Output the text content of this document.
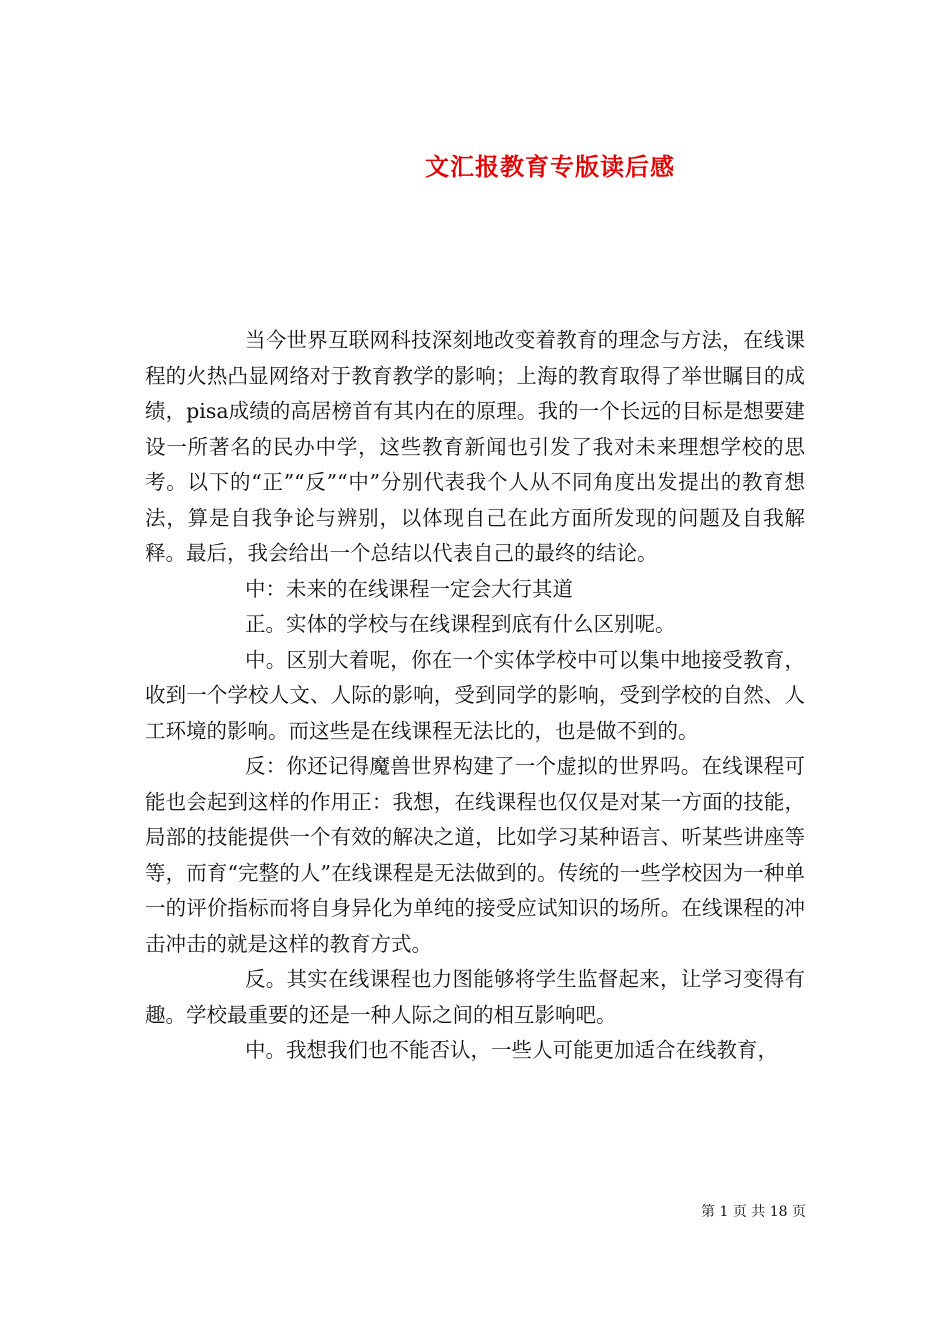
文汇报教育专版读后感

当今世界互联网科技深刻地改变着教育的理念与方法，在线课程的火热凸显网络对于教育教学的影响；上海的教育取得了举世瞩目的成绩，pisa成绩的高居榜首有其内在的原理。我的一个长远的目标是想要建设一所著名的民办中学，这些教育新闻也引发了我对未来理想学校的思考。以下的“正”“反”“中”分别代表我个人从不同角度出发提出的教育想法，算是自我争论与辨别，以体现自己在此方面所发现的问题及自我解释。最后，我会给出一个总结以代表自己的最终的结论。

中：未来的在线课程一定会大行其道

正。实体的学校与在线课程到底有什么区别呢。

中。区别大着呢，你在一个实体学校中可以集中地接受教育，收到一个学校人文、人际的影响，受到同学的影响，受到学校的自然、人工环境的影响。而这些是在线课程无法比的，也是做不到的。

反：你还记得魔兽世界构建了一个虚拟的世界吗。在线课程可能也会起到这样的作用正：我想，在线课程也仅仅是对某一方面的技能，局部的技能提供一个有效的解决之道，比如学习某种语言、听某些讲座等等，而育“完整的人”在线课程是无法做到的。传统的一些学校因为一种单一的评价指标而将自身异化为单纯的接受应试知识的场所。在线课程的冲击冲击的就是这样的教育方式。

反。其实在线课程也力图能够将学生监督起来，让学习变得有趣。学校最重要的还是一种人际之间的相互影响吧。

中。我想我们也不能否认，一些人可能更加适合在线教育，

第 1 页 共 18 页
